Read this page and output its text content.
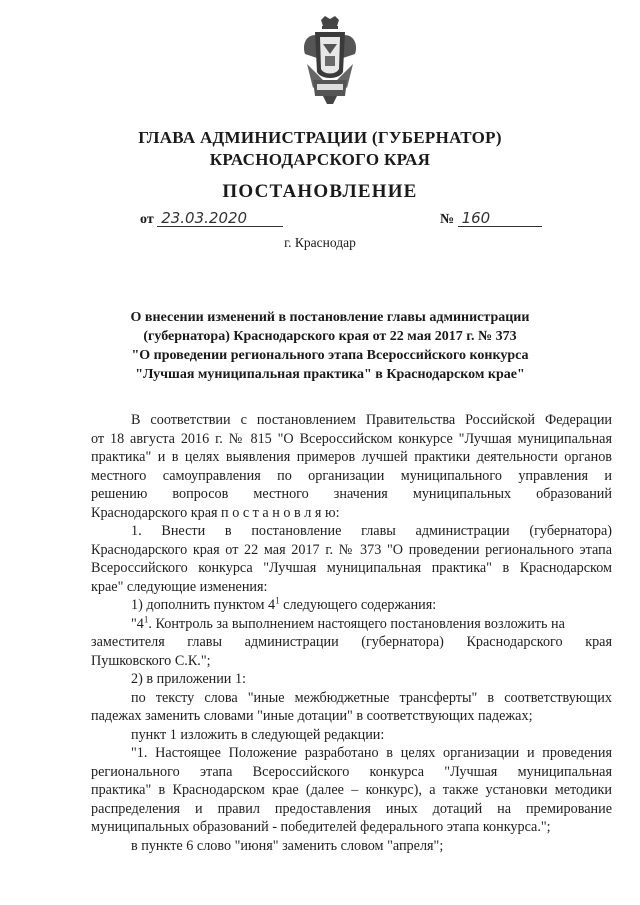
ГЛАВА АДМИНИСТРАЦИИ (ГУБЕРНАТОР)
КРАСНОДАРСКОГО КРАЯ
ПОСТАНОВЛЕНИЕ
от 23.03.2020	№ 160
г. Краснодар
О внесении изменений в постановление главы администрации
(губернатора) Краснодарского края от 22 мая 2017 г. № 373
"О проведении регионального этапа Всероссийского конкурса
"Лучшая муниципальная практика" в Краснодарском крае"
В соответствии с постановлением Правительства Российской Федерации
от 18 августа 2016 г. № 815 "О Всероссийском конкурсе "Лучшая муниципальная
практика" и в целях выявления примеров лучшей практики деятельности органов
местного самоуправления по организации муниципального управления и
решению вопросов местного значения муниципальных образований
Краснодарского края п о с т а н о в л я ю:
1. Внести в постановление главы администрации (губернатора)
Краснодарского края от 22 мая 2017 г. № 373 "О проведении регионального этапа
Всероссийского конкурса "Лучшая муниципальная практика" в Краснодарском
крае" следующие изменения:
1) дополнить пунктом $4^1$ следующего содержания:
"$4^1$. Контроль за выполнением настоящего постановления возложить на
заместителя главы администрации (губернатора) Краснодарского края
Пушковского С.К.";
2) в приложении 1:
по тексту слова "иные межбюджетные трансферты" в соответствующих
падежах заменить словами "иные дотации" в соответствующих падежах;
пункт 1 изложить в следующей редакции:
"1. Настоящее Положение разработано в целях организации и проведения
регионального этапа Всероссийского конкурса "Лучшая муниципальная
практика" в Краснодарском крае (далее – конкурс), а также установки методики
распределения и правил предоставления иных дотаций на премирование
муниципальных образований - победителей федерального этапа конкурса.";
в пункте 6 слово "июня" заменить словом "апреля";
